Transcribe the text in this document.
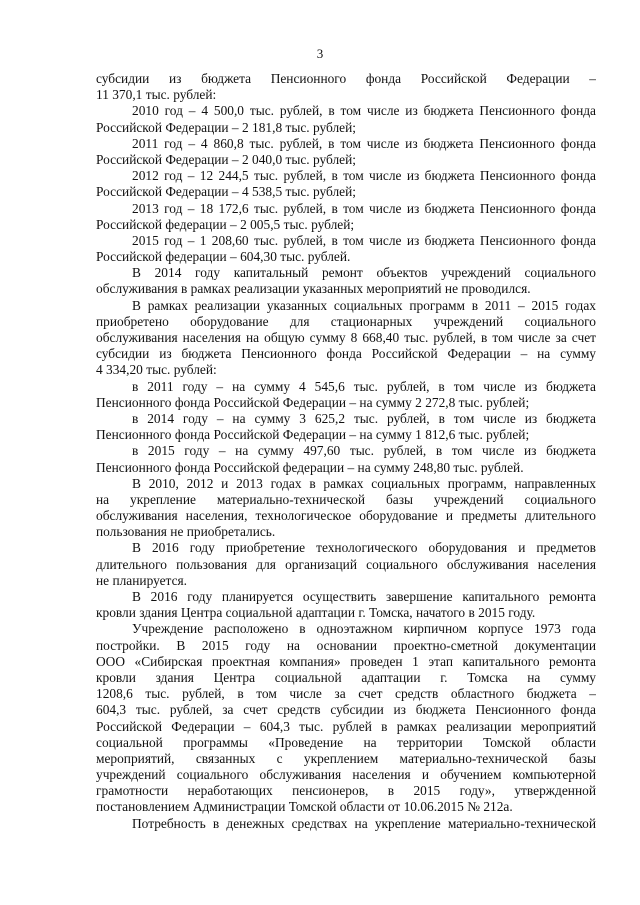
3
субсидии из бюджета Пенсионного фонда Российской Федерации –
11 370,1 тыс. рублей:
2010 год – 4 500,0 тыс. рублей, в том числе из бюджета Пенсионного фонда
Российской Федерации – 2 181,8 тыс. рублей;
2011 год – 4 860,8 тыс. рублей, в том числе из бюджета Пенсионного фонда
Российской Федерации – 2 040,0 тыс. рублей;
2012 год – 12 244,5 тыс. рублей, в том числе из бюджета Пенсионного фонда
Российской Федерации – 4 538,5 тыс. рублей;
2013 год – 18 172,6 тыс. рублей, в том числе из бюджета Пенсионного фонда
Российской федерации – 2 005,5 тыс. рублей;
2015 год – 1 208,60 тыс. рублей, в том числе из бюджета Пенсионного фонда
Российской федерации – 604,30 тыс. рублей.
В 2014 году капитальный ремонт объектов учреждений социального
обслуживания в рамках реализации указанных мероприятий не проводился.
В рамках реализации указанных социальных программ в 2011 – 2015 годах
приобретено оборудование для стационарных учреждений социального
обслуживания населения на общую сумму 8 668,40 тыс. рублей, в том числе за счет
субсидии из бюджета Пенсионного фонда Российской Федерации – на сумму
4 334,20 тыс. рублей:
в 2011 году – на сумму 4 545,6 тыс. рублей, в том числе из бюджета
Пенсионного фонда Российской Федерации – на сумму 2 272,8 тыс. рублей;
в 2014 году – на сумму 3 625,2 тыс. рублей, в том числе из бюджета
Пенсионного фонда Российской Федерации – на сумму 1 812,6 тыс. рублей;
в 2015 году – на сумму 497,60 тыс. рублей, в том числе из бюджета
Пенсионного фонда Российской федерации – на сумму 248,80 тыс. рублей.
В 2010, 2012 и 2013 годах в рамках социальных программ, направленных
на укрепление материально-технической базы учреждений социального
обслуживания населения, технологическое оборудование и предметы длительного
пользования не приобретались.
В 2016 году приобретение технологического оборудования и предметов
длительного пользования для организаций социального обслуживания населения
не планируется.
В 2016 году планируется осуществить завершение капитального ремонта
кровли здания Центра социальной адаптации г. Томска, начатого в 2015 году.
Учреждение расположено в одноэтажном кирпичном корпусе 1973 года
постройки. В 2015 году на основании проектно-сметной документации
ООО «Сибирская проектная компания» проведен 1 этап капитального ремонта
кровли здания Центра социальной адаптации г. Томска на сумму
1208,6 тыс. рублей, в том числе за счет средств областного бюджета –
604,3 тыс. рублей, за счет средств субсидии из бюджета Пенсионного фонда
Российской Федерации – 604,3 тыс. рублей в рамках реализации мероприятий
социальной программы «Проведение на территории Томской области
мероприятий, связанных с укреплением материально-технической базы
учреждений социального обслуживания населения и обучением компьютерной
грамотности неработающих пенсионеров, в 2015 году», утвержденной
постановлением Администрации Томской области от 10.06.2015 № 212а.
Потребность в денежных средствах на укрепление материально-технической
